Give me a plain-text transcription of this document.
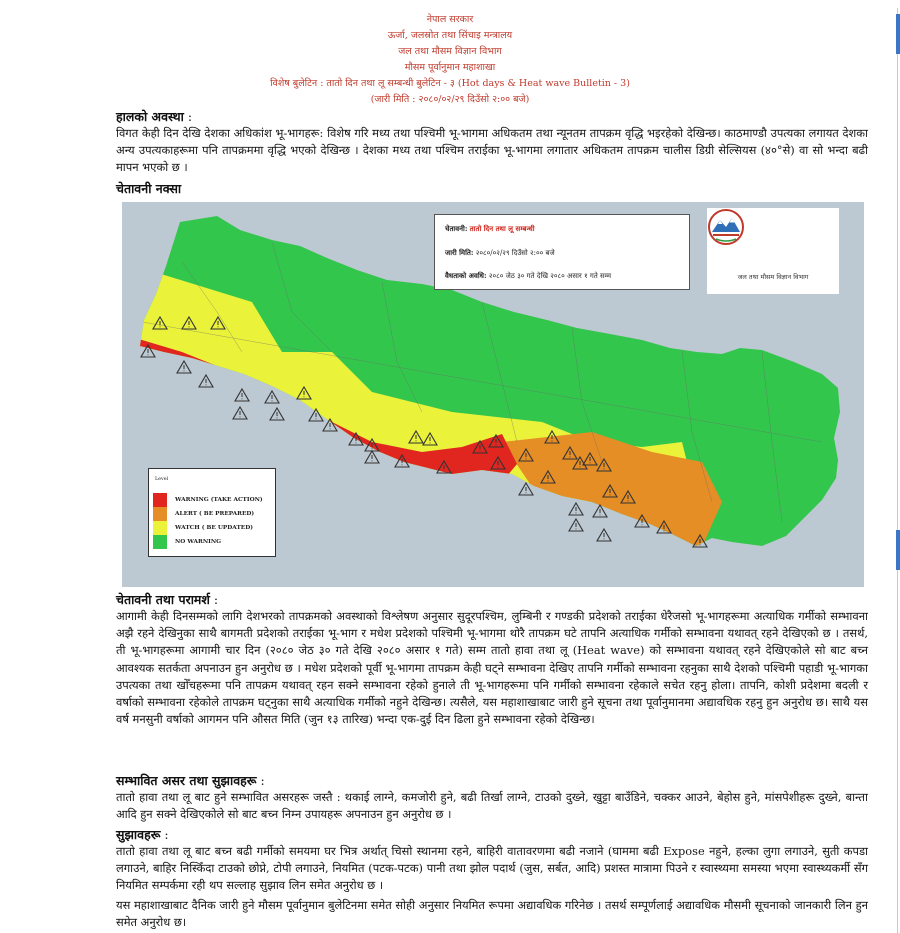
नेपाल सरकार
ऊर्जा, जलस्रोत तथा सिंचाइ मन्त्रालय
जल तथा मौसम विज्ञान विभाग
मौसम पूर्वानुमान महाशाखा
विशेष बुलेटिन : तातो दिन तथा लू सम्बन्धी बुलेटिन - ३ (Hot days & Heat wave Bulletin - 3)
(जारी मिति : २०८०/०२/२९ दिउँसो २:०० बजे)
हालको अवस्था :
विगत केही दिन देखि देशका अधिकांश भू-भागहरू: विशेष गरि मध्य तथा पश्चिमी भू-भागमा अधिकतम तथा न्यूनतम तापक्रम वृद्धि भइरहेको देखिन्छ। काठमाण्डौ उपत्यका लगायत देशका अन्य उपत्यकाहरूमा पनि तापक्रममा वृद्धि भएको देखिन्छ । देशका मध्य तथा पश्चिम तराईका भू-भागमा लगातार अधिकतम तापक्रम चालीस डिग्री सेल्सियस (४०°से) वा सो भन्दा बढी मापन भएको छ ।
चेतावनी नक्सा
चेतावनी: तातो दिन तथा लू सम्बन्धी
जारी मिति: २०८०/०२/२९ दिउँसो २:०० बजे
वैधताको अवधि: २०८० जेठ ३० गते देखि २०८० असार १ गते सम्म	जल तथा मौसम विज्ञान विभाग
Level
WARNING (TAKE ACTION)
ALERT ( BE PREPARED)
WATCH ( BE UPDATED)
NO WARNING
चेतावनी तथा परामर्श :
आगामी केही दिनसम्मको लागि देशभरको तापक्रमको अवस्थाको विश्लेषण अनुसार सुदूरपश्चिम, लुम्बिनी र गण्डकी प्रदेशको तराईका धेरैजसो भू-भागहरूमा अत्याधिक गर्मीको सम्भावना अझै रहने देखिनुका साथै बागमती प्रदेशको तराईका भू-भाग र मधेश प्रदेशको पश्चिमी भू-भागमा थोरै तापक्रम घटे तापनि अत्याधिक गर्मीको सम्भावना यथावत् रहने देखिएको छ । तसर्थ, ती भू-भागहरूमा आगामी चार दिन (२०८० जेठ ३० गते देखि २०८० असार १ गते) सम्म तातो हावा तथा लू (Heat wave) को सम्भावना यथावत् रहने देखिएकोले सो बाट बच्न आवश्यक सतर्कता अपनाउन हुन अनुरोध छ । मधेश प्रदेशको पूर्वी भू-भागमा तापक्रम केही घट्ने सम्भावना देखिए तापनि गर्मीको सम्भावना रहनुका साथै देशको पश्चिमी पहाडी भू-भागका उपत्यका तथा खोँचहरूमा पनि तापक्रम यथावत् रहन सक्ने सम्भावना रहेको हुनाले ती भू-भागहरूमा पनि गर्मीको सम्भावना रहेकाले सचेत रहनु होला। तापनि, कोशी प्रदेशमा बदली र वर्षाको सम्भावना रहेकोले तापक्रम घट्नुका साथै अत्याधिक गर्मीको नहुने देखिन्छ। त्यसैले, यस महाशाखाबाट जारी हुने सूचना तथा पूर्वानुमानमा अद्यावधिक रहनु हुन अनुरोध छ। साथै यस वर्ष मनसुनी वर्षाको आगमन पनि औसत मिति (जुन १३ तारिख) भन्दा एक-दुई दिन ढिला हुने सम्भावना रहेको देखिन्छ।
सम्भावित असर तथा सुझावहरू :
तातो हावा तथा लू बाट हुने सम्भावित असरहरू जस्तै : थकाई लाग्ने, कमजोरी हुने, बढी तिर्खा लाग्ने, टाउको दुख्ने, खुट्टा बाउँडिने, चक्कर आउने, बेहोस हुने, मांसपेशीहरू दुख्ने, बान्ता आदि हुन सक्ने देखिएकोले सो बाट बच्न निम्न उपायहरू अपनाउन हुन अनुरोध छ ।
सुझावहरू :
तातो हावा तथा लू बाट बच्न बढी गर्मीको समयमा घर भित्र अर्थात् चिसो स्थानमा रहने, बाहिरी वातावरणमा बढी नजाने (घाममा बढी Expose नहुने, हल्का लुगा लगाउने, सुती कपडा लगाउने, बाहिर निस्किँदा टाउको छोप्ने, टोपी लगाउने, नियमित (पटक-पटक) पानी तथा झोल पदार्थ (जुस, सर्बत, आदि) प्रशस्त मात्रामा पिउने र स्वास्थ्यमा समस्या भएमा स्वास्थ्यकर्मी सँग नियमित सम्पर्कमा रही थप सल्लाह सुझाव लिन समेत अनुरोध छ ।
यस महाशाखाबाट दैनिक जारी हुने मौसम पूर्वानुमान बुलेटिनमा समेत सोही अनुसार नियमित रूपमा अद्यावधिक गरिनेछ । तसर्थ सम्पूर्णलाई अद्यावधिक मौसमी सूचनाको जानकारी लिन हुन समेत अनुरोध छ।
